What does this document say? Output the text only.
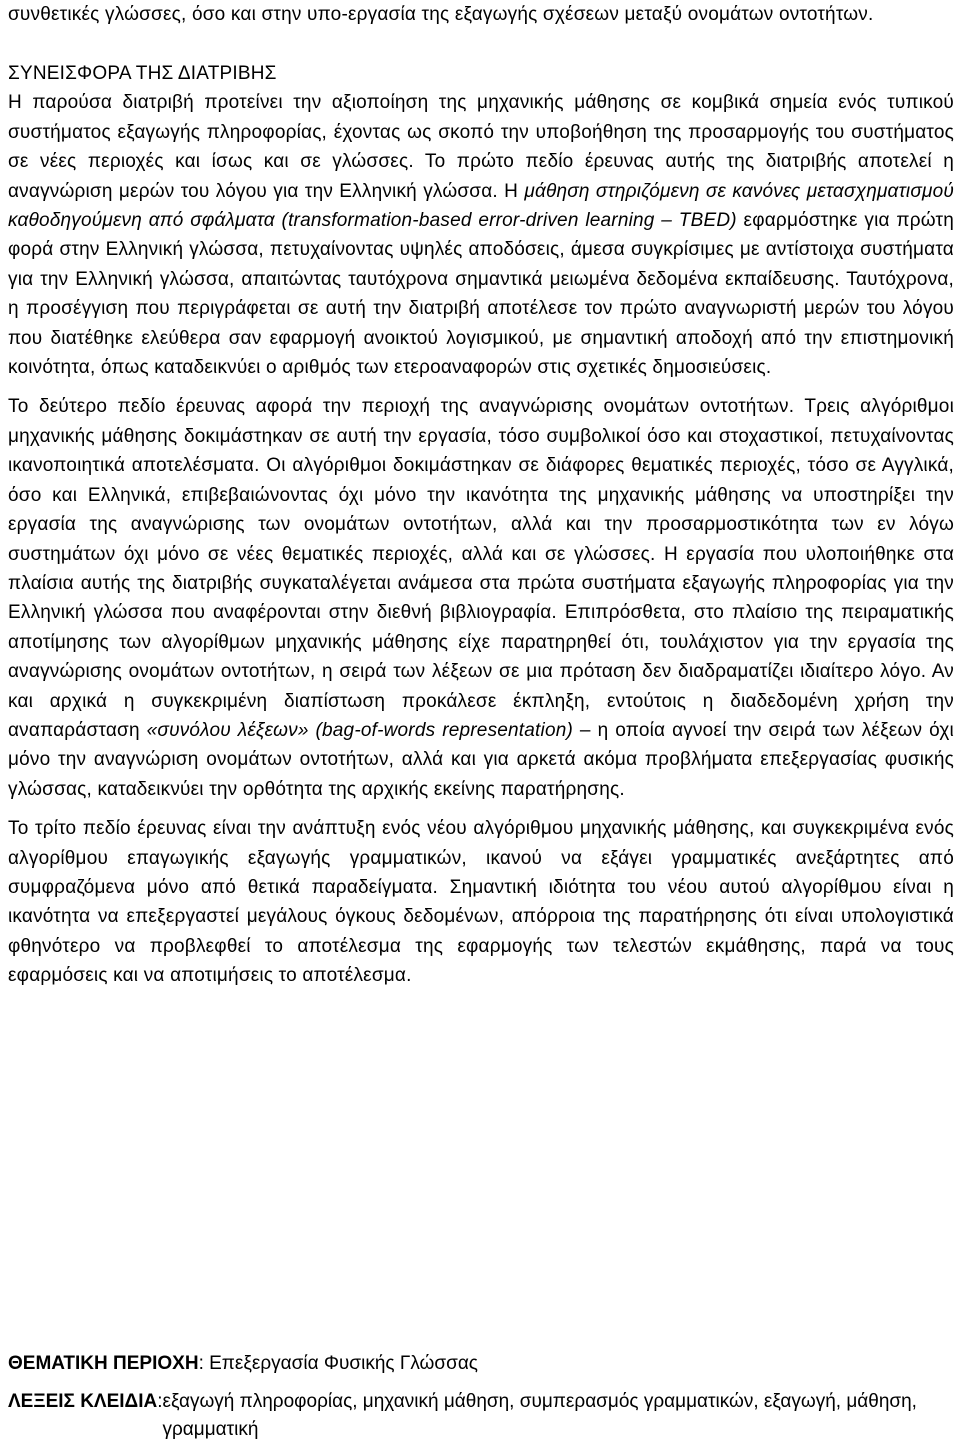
συνθετικές γλώσσες, όσο και στην υπο-εργασία της εξαγωγής σχέσεων μεταξύ ονομάτων οντοτήτων.

ΣΥΝΕΙΣΦΟΡΑ ΤΗΣ ΔΙΑΤΡΙΒΗΣ

Η παρούσα διατριβή προτείνει την αξιοποίηση της μηχανικής μάθησης σε κομβικά σημεία ενός τυπικού συστήματος εξαγωγής πληροφορίας, έχοντας ως σκοπό την υποβοήθηση της προσαρμογής του συστήματος σε νέες περιοχές και ίσως και σε γλώσσες. Το πρώτο πεδίο έρευνας αυτής της διατριβής αποτελεί η αναγνώριση μερών του λόγου για την Ελληνική γλώσσα. Η μάθηση στηριζόμενη σε κανόνες μετασχηματισμού καθοδηγούμενη από σφάλματα (transformation-based error-driven learning – TBED) εφαρμόστηκε για πρώτη φορά στην Ελληνική γλώσσα, πετυχαίνοντας υψηλές αποδόσεις, άμεσα συγκρίσιμες με αντίστοιχα συστήματα για την Ελληνική γλώσσα, απαιτώντας ταυτόχρονα σημαντικά μειωμένα δεδομένα εκπαίδευσης. Ταυτόχρονα, η προσέγγιση που περιγράφεται σε αυτή την διατριβή αποτέλεσε τον πρώτο αναγνωριστή μερών του λόγου που διατέθηκε ελεύθερα σαν εφαρμογή ανοικτού λογισμικού, με σημαντική αποδοχή από την επιστημονική κοινότητα, όπως καταδεικνύει ο αριθμός των ετεροαναφορών στις σχετικές δημοσιεύσεις.

Το δεύτερο πεδίο έρευνας αφορά την περιοχή της αναγνώρισης ονομάτων οντοτήτων. Τρεις αλγόριθμοι μηχανικής μάθησης δοκιμάστηκαν σε αυτή την εργασία, τόσο συμβολικοί όσο και στοχαστικοί, πετυχαίνοντας ικανοποιητικά αποτελέσματα. Οι αλγόριθμοι δοκιμάστηκαν σε διάφορες θεματικές περιοχές, τόσο σε Αγγλικά, όσο και Ελληνικά, επιβεβαιώνοντας όχι μόνο την ικανότητα της μηχανικής μάθησης να υποστηρίξει την εργασία της αναγνώρισης των ονομάτων οντοτήτων, αλλά και την προσαρμοστικότητα των εν λόγω συστημάτων όχι μόνο σε νέες θεματικές περιοχές, αλλά και σε γλώσσες. Η εργασία που υλοποιήθηκε στα πλαίσια αυτής της διατριβής συγκαταλέγεται ανάμεσα στα πρώτα συστήματα εξαγωγής πληροφορίας για την Ελληνική γλώσσα που αναφέρονται στην διεθνή βιβλιογραφία. Επιπρόσθετα, στο πλαίσιο της πειραματικής αποτίμησης των αλγορίθμων μηχανικής μάθησης είχε παρατηρηθεί ότι, τουλάχιστον για την εργασία της αναγνώρισης ονομάτων οντοτήτων, η σειρά των λέξεων σε μια πρόταση δεν διαδραματίζει ιδιαίτερο λόγο. Αν και αρχικά η συγκεκριμένη διαπίστωση προκάλεσε έκπληξη, εντούτοις η διαδεδομένη χρήση την αναπαράσταση «συνόλου λέξεων» (bag-of-words representation) – η οποία αγνοεί την σειρά των λέξεων όχι μόνο την αναγνώριση ονομάτων οντοτήτων, αλλά και για αρκετά ακόμα προβλήματα επεξεργασίας φυσικής γλώσσας, καταδεικνύει την ορθότητα της αρχικής εκείνης παρατήρησης.

Το τρίτο πεδίο έρευνας είναι την ανάπτυξη ενός νέου αλγόριθμου μηχανικής μάθησης, και συγκεκριμένα ενός αλγορίθμου επαγωγικής εξαγωγής γραμματικών, ικανού να εξάγει γραμματικές ανεξάρτητες από συμφραζόμενα μόνο από θετικά παραδείγματα. Σημαντική ιδιότητα του νέου αυτού αλγορίθμου είναι η ικανότητα να επεξεργαστεί μεγάλους όγκους δεδομένων, απόρροια της παρατήρησης ότι είναι υπολογιστικά φθηνότερο να προβλεφθεί το αποτέλεσμα της εφαρμογής των τελεστών εκμάθησης, παρά να τους εφαρμόσεις και να αποτιμήσεις το αποτέλεσμα.

ΘΕΜΑΤΙΚΗ ΠΕΡΙΟΧΗ: Επεξεργασία Φυσικής Γλώσσας
ΛΕΞΕΙΣ ΚΛΕΙΔΙΑ: εξαγωγή πληροφορίας, μηχανική μάθηση, συμπερασμός γραμματικών, εξαγωγή, μάθηση, γραμματική
